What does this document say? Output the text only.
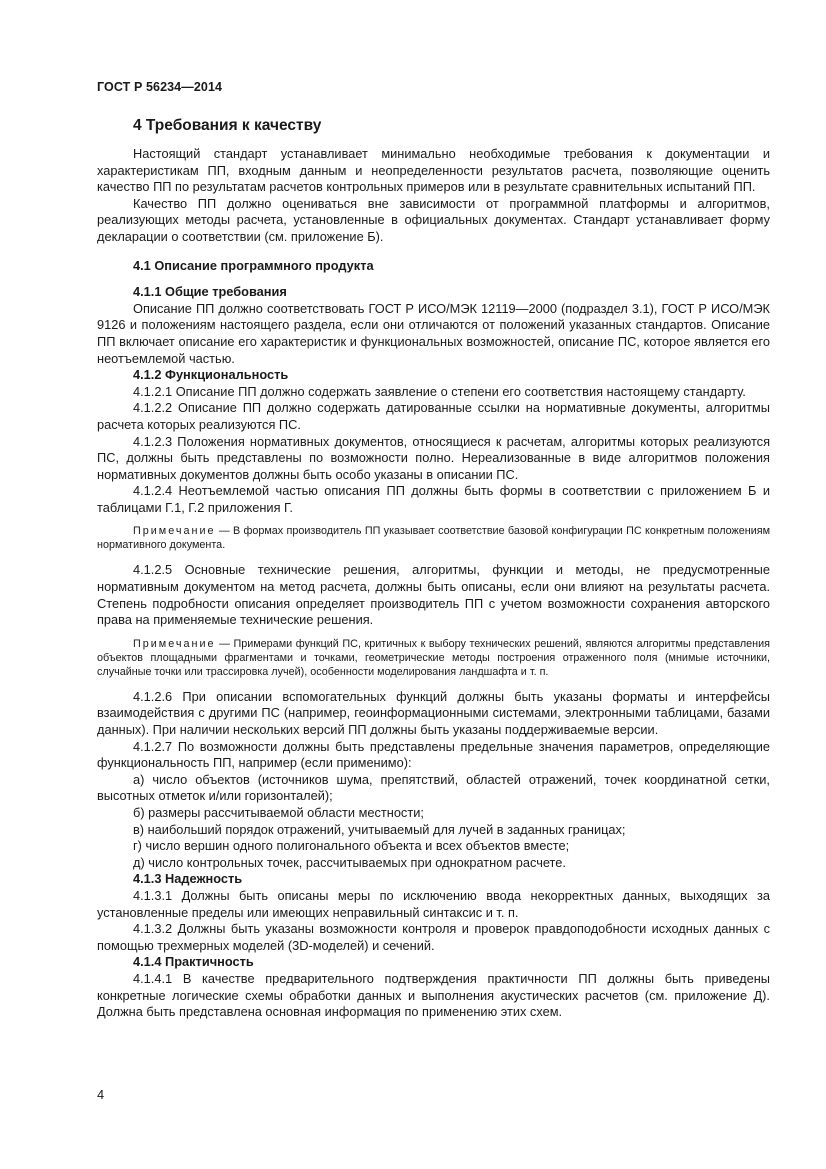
ГОСТ Р 56234—2014
4 Требования к качеству

Настоящий стандарт устанавливает минимально необходимые требования к документации и характеристикам ПП, входным данным и неопределенности результатов расчета, позволяющие оценить качество ПП по результатам расчетов контрольных примеров или в результате сравнительных испытаний ПП.

Качество ПП должно оцениваться вне зависимости от программной платформы и алгоритмов, реализующих методы расчета, установленные в официальных документах. Стандарт устанавливает форму декларации о соответствии (см. приложение Б).

4.1 Описание программного продукта
4.1.1 Общие требования

Описание ПП должно соответствовать ГОСТ Р ИСО/МЭК 12119—2000 (подраздел 3.1), ГОСТ Р ИСО/МЭК 9126 и положениям настоящего раздела, если они отличаются от положений указанных стандартов. Описание ПП включает описание его характеристик и функциональных возможностей, описание ПС, которое является его неотъемлемой частью.

4.1.2 Функциональность

4.1.2.1 Описание ПП должно содержать заявление о степени его соответствия настоящему стандарту.

4.1.2.2 Описание ПП должно содержать датированные ссылки на нормативные документы, алгоритмы расчета которых реализуются ПС.

4.1.2.3 Положения нормативных документов, относящиеся к расчетам, алгоритмы которых реализуются ПС, должны быть представлены по возможности полно. Нереализованные в виде алгоритмов положения нормативных документов должны быть особо указаны в описании ПС.

4.1.2.4 Неотъемлемой частью описания ПП должны быть формы в соответствии с приложением Б и таблицами Г.1, Г.2 приложения Г.

Примечание — В формах производитель ПП указывает соответствие базовой конфигурации ПС конкретным положениям нормативного документа.

4.1.2.5 Основные технические решения, алгоритмы, функции и методы, не предусмотренные нормативным документом на метод расчета, должны быть описаны, если они влияют на результаты расчета. Степень подробности описания определяет производитель ПП с учетом возможности сохранения авторского права на применяемые технические решения.

Примечание — Примерами функций ПС, критичных к выбору технических решений, являются алгоритмы представления объектов площадными фрагментами и точками, геометрические методы построения отраженного поля (мнимые источники, случайные точки или трассировка лучей), особенности моделирования ландшафта и т. п.

4.1.2.6 При описании вспомогательных функций должны быть указаны форматы и интерфейсы взаимодействия с другими ПС (например, геоинформационными системами, электронными таблицами, базами данных). При наличии нескольких версий ПП должны быть указаны поддерживаемые версии.

4.1.2.7 По возможности должны быть представлены предельные значения параметров, определяющие функциональность ПП, например (если применимо):

а) число объектов (источников шума, препятствий, областей отражений, точек координатной сетки, высотных отметок и/или горизонталей);

б) размеры рассчитываемой области местности;

в) наибольший порядок отражений, учитываемый для лучей в заданных границах;

г) число вершин одного полигонального объекта и всех объектов вместе;

д) число контрольных точек, рассчитываемых при однократном расчете.

4.1.3 Надежность

4.1.3.1 Должны быть описаны меры по исключению ввода некорректных данных, выходящих за установленные пределы или имеющих неправильный синтаксис и т. п.

4.1.3.2 Должны быть указаны возможности контроля и проверок правдоподобности исходных данных с помощью трехмерных моделей (3D-моделей) и сечений.

4.1.4 Практичность

4.1.4.1 В качестве предварительного подтверждения практичности ПП должны быть приведены конкретные логические схемы обработки данных и выполнения акустических расчетов (см. приложение Д). Должна быть представлена основная информация по применению этих схем.

4
